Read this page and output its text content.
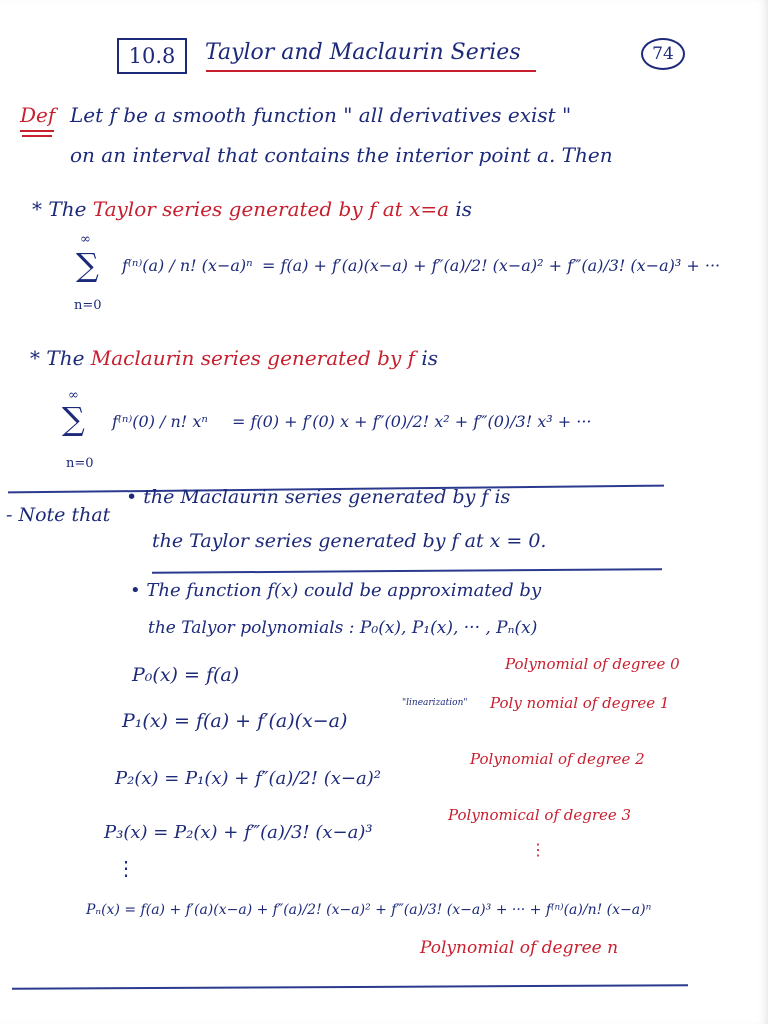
10.8	Taylor and Maclaurin Series	74
Def Let f be a smooth function " all derivatives exist "
on an interval that contains the interior point a. Then
* The Taylor series generated by f at x=a is
∞
∑
n=0
f⁽ⁿ⁾(a) / n! (x−a)ⁿ = f(a) + f′(a)(x−a) + f″(a)/2! (x−a)² + f‴(a)/3! (x−a)³ + ···
* The Maclaurin series generated by f is
∞
∑
n=0
f⁽ⁿ⁾(0) / n! xⁿ = f(0) + f′(0) x + f″(0)/2! x² + f‴(0)/3! x³ + ···
- Note that
• the Maclaurin series generated by f is
the Taylor series generated by f at x = 0.
• The function f(x) could be approximated by
the Talyor polynomials : P₀(x), P₁(x), ··· , Pₙ(x)
P₀(x) = f(a)	Polynomial of degree 0
P₁(x) = f(a) + f′(a)(x−a)
"linearization" Poly nomial of degree 1
P₂(x) = P₁(x) + f″(a)/2! (x−a)²
Polynomial of degree 2
P₃(x) = P₂(x) + f‴(a)/3! (x−a)³
Polynomical of degree 3
⋮
⋮
Pₙ(x) = f(a) + f′(a)(x−a) + f″(a)/2! (x−a)² + f‴(a)/3! (x−a)³ + ··· + f⁽ⁿ⁾(a)/n! (x−a)ⁿ
Polynomial of degree n
